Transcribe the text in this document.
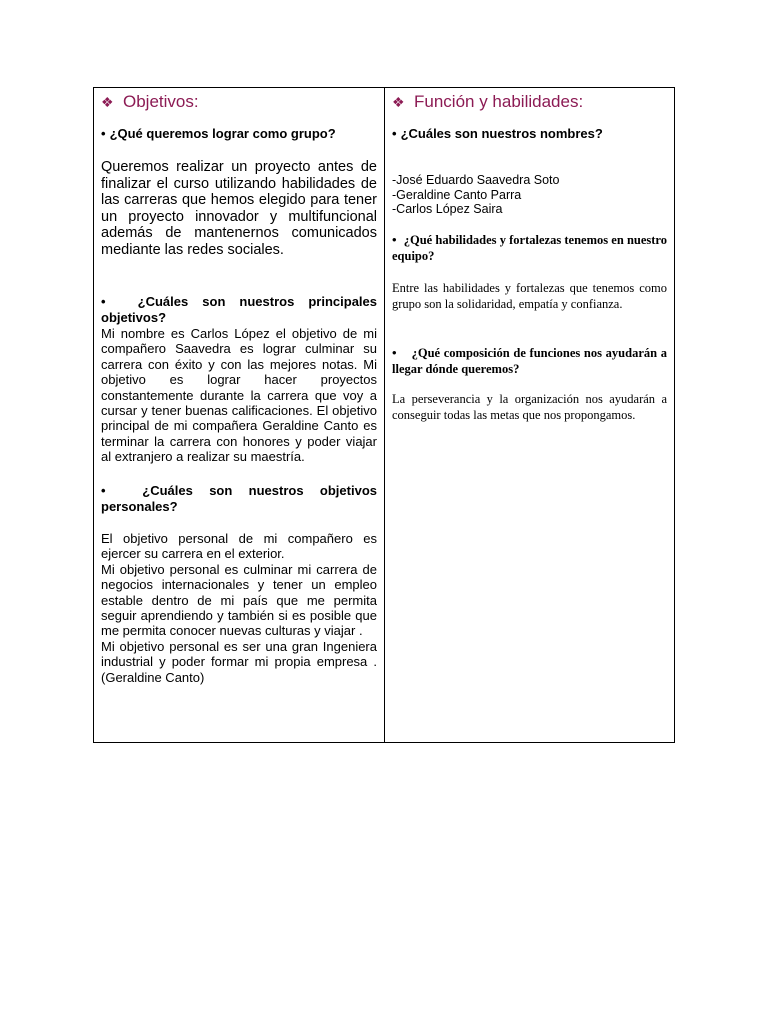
❖ Objetivos:

• ¿Qué queremos lograr como grupo?

Queremos realizar un proyecto antes de finalizar el curso utilizando habilidades de las carreras que hemos elegido para tener un proyecto innovador y multifuncional además de mantenernos comunicados mediante las redes sociales.

• ¿Cuáles son nuestros principales objetivos?

Mi nombre es Carlos López el objetivo de mi compañero Saavedra es lograr culminar su carrera con éxito y con las mejores notas. Mi objetivo es lograr hacer proyectos constantemente durante la carrera que voy a cursar y tener buenas calificaciones. El objetivo principal de mi compañera Geraldine Canto es terminar la carrera con honores y poder viajar al extranjero a realizar su maestría.

•	¿Cuáles son nuestros objetivos personales?

El objetivo personal de mi compañero es ejercer su carrera en el exterior.

Mi objetivo personal es culminar mi carrera de negocios internacionales y tener un empleo estable dentro de mi país que me permita seguir aprendiendo y también si es posible que me permita conocer nuevas culturas y viajar .

Mi objetivo personal es ser una gran Ingeniera industrial y poder formar mi propia empresa . (Geraldine Canto)

❖ Función y habilidades:

• ¿Cuáles son nuestros nombres?

-José Eduardo Saavedra Soto

-Geraldine Canto Parra

-Carlos López Saira

• ¿Qué habilidades y fortalezas tenemos en nuestro equipo?

Entre las habilidades y fortalezas que tenemos como grupo son la solidaridad, empatía y confianza.

• ¿Qué composición de funciones nos ayudarán a llegar dónde queremos?

La perseverancia y la organización nos ayudarán a conseguir todas las metas que nos propongamos.
